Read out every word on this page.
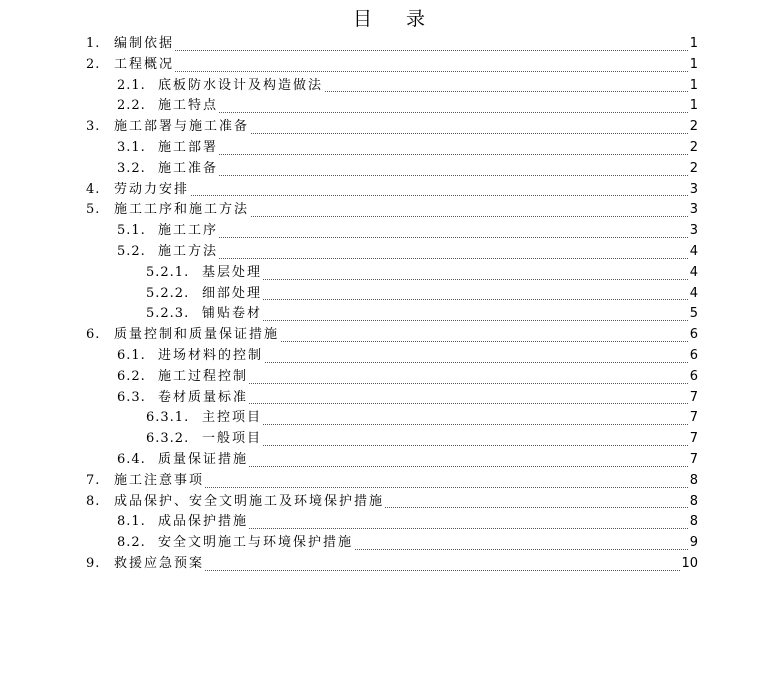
目 录
1. 编制依据	1
2. 工程概况	1
2.1. 底板防水设计及构造做法	1
2.2. 施工特点	1
3. 施工部署与施工准备	2
3.1. 施工部署	2
3.2. 施工准备	2
4. 劳动力安排	3
5. 施工工序和施工方法	3
5.1. 施工工序	3
5.2. 施工方法	4
5.2.1. 基层处理	4
5.2.2. 细部处理	4
5.2.3. 铺贴卷材	5
6. 质量控制和质量保证措施	6
6.1. 进场材料的控制	6
6.2. 施工过程控制	6
6.3. 卷材质量标准	7
6.3.1. 主控项目	7
6.3.2. 一般项目	7
6.4. 质量保证措施	7
7. 施工注意事项	8
8. 成品保护、安全文明施工及环境保护措施	8
8.1. 成品保护措施	8
8.2. 安全文明施工与环境保护措施	9
9. 救援应急预案	10
